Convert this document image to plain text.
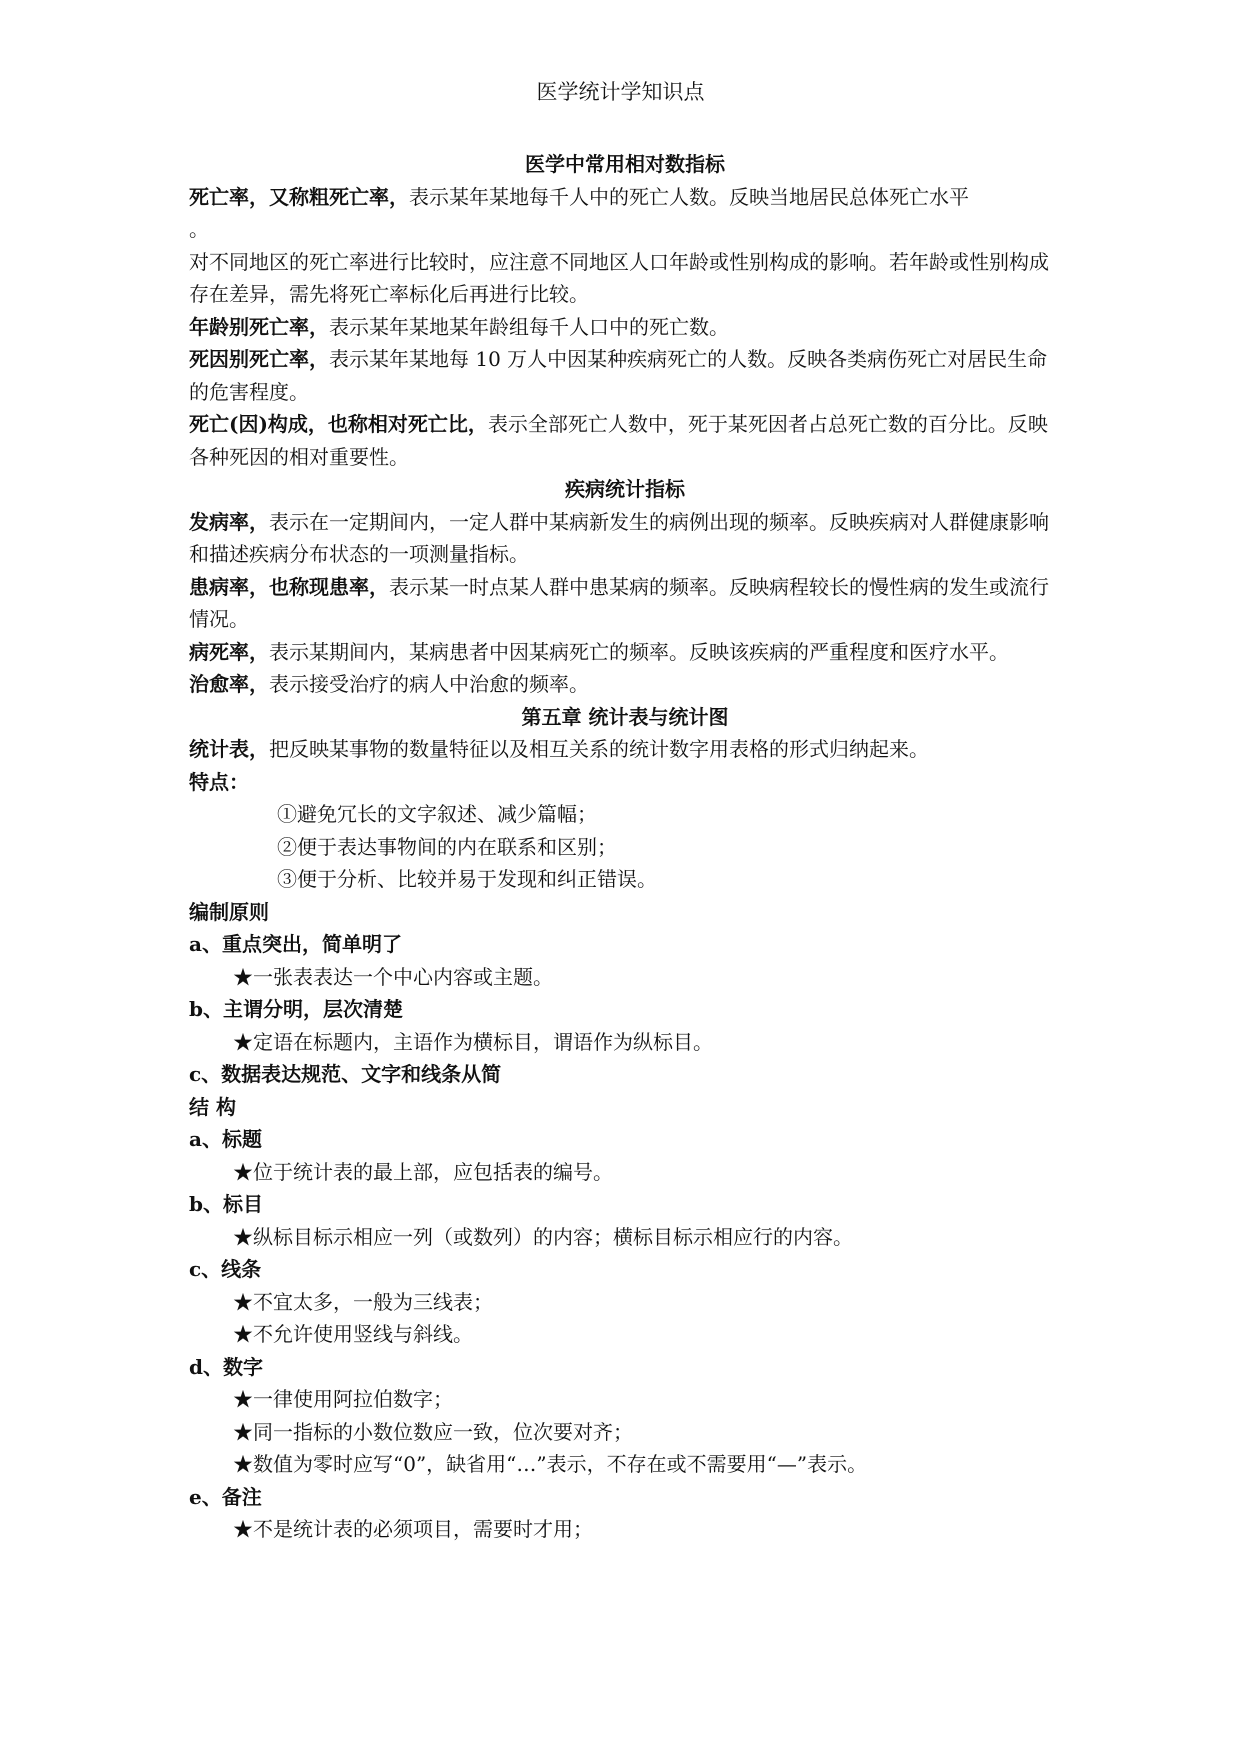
医学统计学知识点

医学中常用相对数指标

死亡率，又称粗死亡率，表示某年某地每千人中的死亡人数。反映当地居民总体死亡水平

。

对不同地区的死亡率进行比较时，应注意不同地区人口年龄或性别构成的影响。若年龄或性别构成存在差异，需先将死亡率标化后再进行比较。

年龄别死亡率，表示某年某地某年龄组每千人口中的死亡数。

死因别死亡率，表示某年某地每 10 万人中因某种疾病死亡的人数。反映各类病伤死亡对居民生命的危害程度。

死亡(因)构成，也称相对死亡比，表示全部死亡人数中，死于某死因者占总死亡数的百分比。反映各种死因的相对重要性。

疾病统计指标

发病率，表示在一定期间内，一定人群中某病新发生的病例出现的频率。反映疾病对人群健康影响和描述疾病分布状态的一项测量指标。

患病率，也称现患率，表示某一时点某人群中患某病的频率。反映病程较长的慢性病的发生或流行情况。

病死率，表示某期间内，某病患者中因某病死亡的频率。反映该疾病的严重程度和医疗水平。

治愈率，表示接受治疗的病人中治愈的频率。

第五章 统计表与统计图

统计表，把反映某事物的数量特征以及相互关系的统计数字用表格的形式归纳起来。

特点：

①避免冗长的文字叙述、减少篇幅；

②便于表达事物间的内在联系和区别；

③便于分析、比较并易于发现和纠正错误。

编制原则

a、重点突出，简单明了

★一张表表达一个中心内容或主题。

b、主谓分明，层次清楚

★定语在标题内，主语作为横标目，谓语作为纵标目。

c、数据表达规范、文字和线条从简

结 构

a、标题

★位于统计表的最上部，应包括表的编号。

b、标目

★纵标目标示相应一列（或数列）的内容；横标目标示相应行的内容。

c、线条

★不宜太多，一般为三线表；

★不允许使用竖线与斜线。

d、数字

★一律使用阿拉伯数字；

★同一指标的小数位数应一致，位次要对齐；

★数值为零时应写“0”，缺省用“…”表示，不存在或不需要用“—”表示。

e、备注

★不是统计表的必须项目，需要时才用；
